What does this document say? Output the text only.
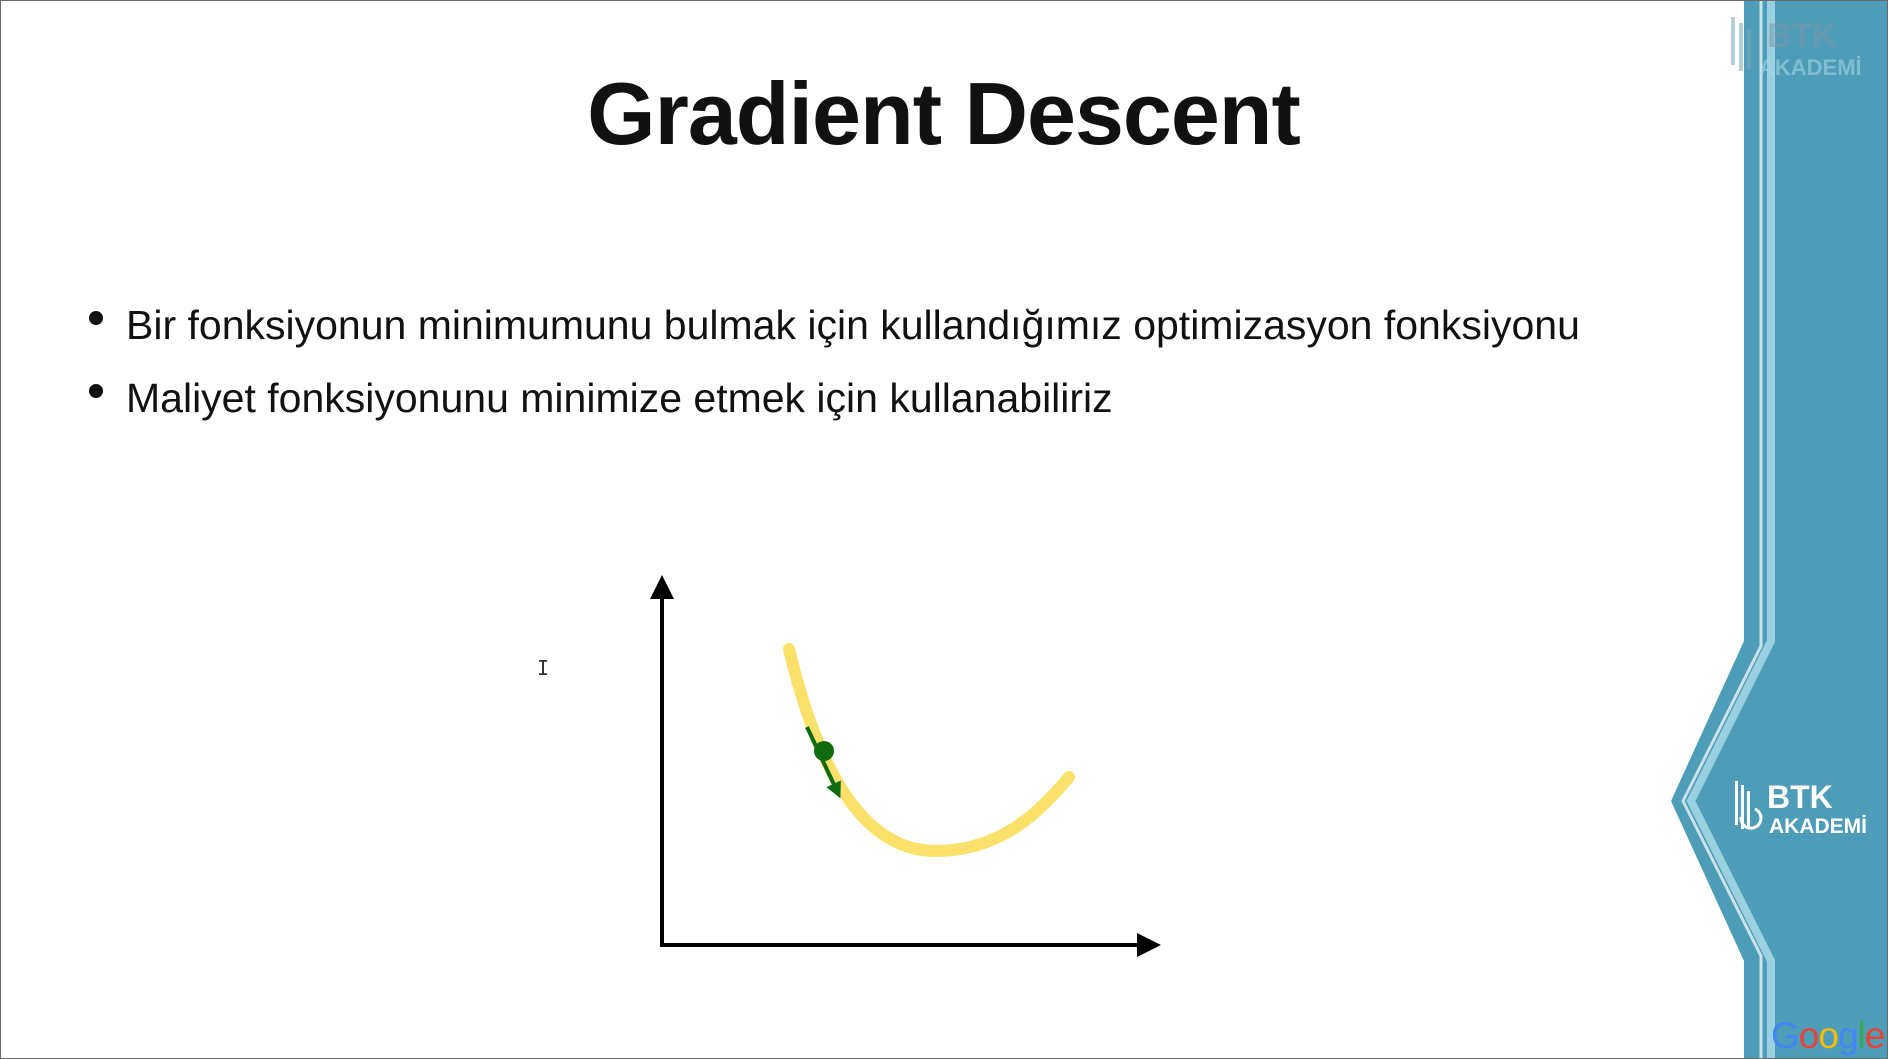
BTK
AKADEMİ
BTK
AKADEMİ
Google
Gradient Descent
Bir fonksiyonun minimumunu bulmak için kullandığımız optimizasyon fonksiyonu
Maliyet fonksiyonunu minimize etmek için kullanabiliriz
I
